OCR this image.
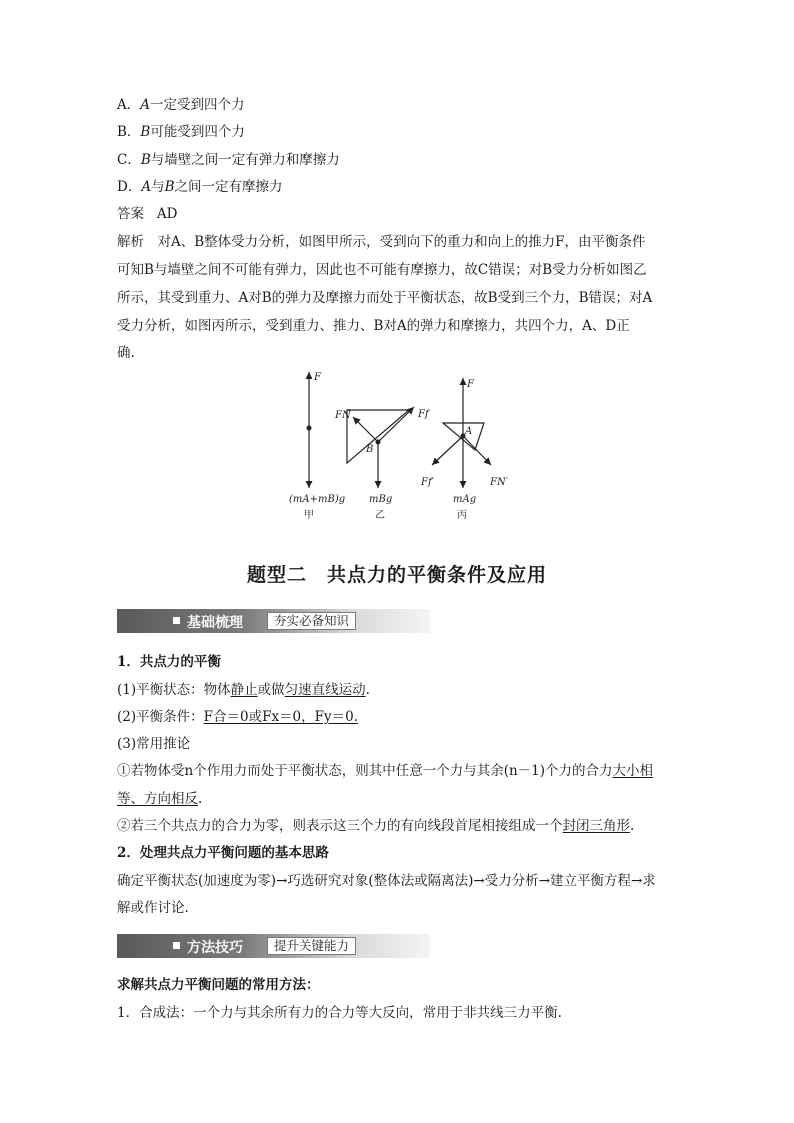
A．A一定受到四个力
B．B可能受到四个力
C．B与墙壁之间一定有弹力和摩擦力
D．A与B之间一定有摩擦力
答案 AD
解析　对A、B整体受力分析，如图甲所示，受到向下的重力和向上的推力F，由平衡条件
可知B与墙壁之间不可能有弹力，因此也不可能有摩擦力，故C错误；对B受力分析如图乙
所示，其受到重力、A对B的弹力及摩擦力而处于平衡状态，故B受到三个力，B错误；对A
受力分析，如图丙所示，受到重力、推力、B对A的弹力和摩擦力，共四个力，A、D正
确.
F
(mA+mB)g
甲
FN	Ff
B
mBg
乙
F
A
Ff′	FN′
mAg
丙
题型二　共点力的平衡条件及应用
基础梳理	夯实必备知识
1．共点力的平衡
(1)平衡状态：物体静止或做匀速直线运动.
(2)平衡条件：F合＝0或Fx＝0，Fy＝0.
(3)常用推论
①若物体受n个作用力而处于平衡状态，则其中任意一个力与其余(n－1)个力的合力大小相
等、方向相反.
②若三个共点力的合力为零，则表示这三个力的有向线段首尾相接组成一个封闭三角形.
2．处理共点力平衡问题的基本思路
确定平衡状态(加速度为零)→巧选研究对象(整体法或隔离法)→受力分析→建立平衡方程→求
解或作讨论.
方法技巧	提升关键能力
求解共点力平衡问题的常用方法：
1．合成法：一个力与其余所有力的合力等大反向，常用于非共线三力平衡.
